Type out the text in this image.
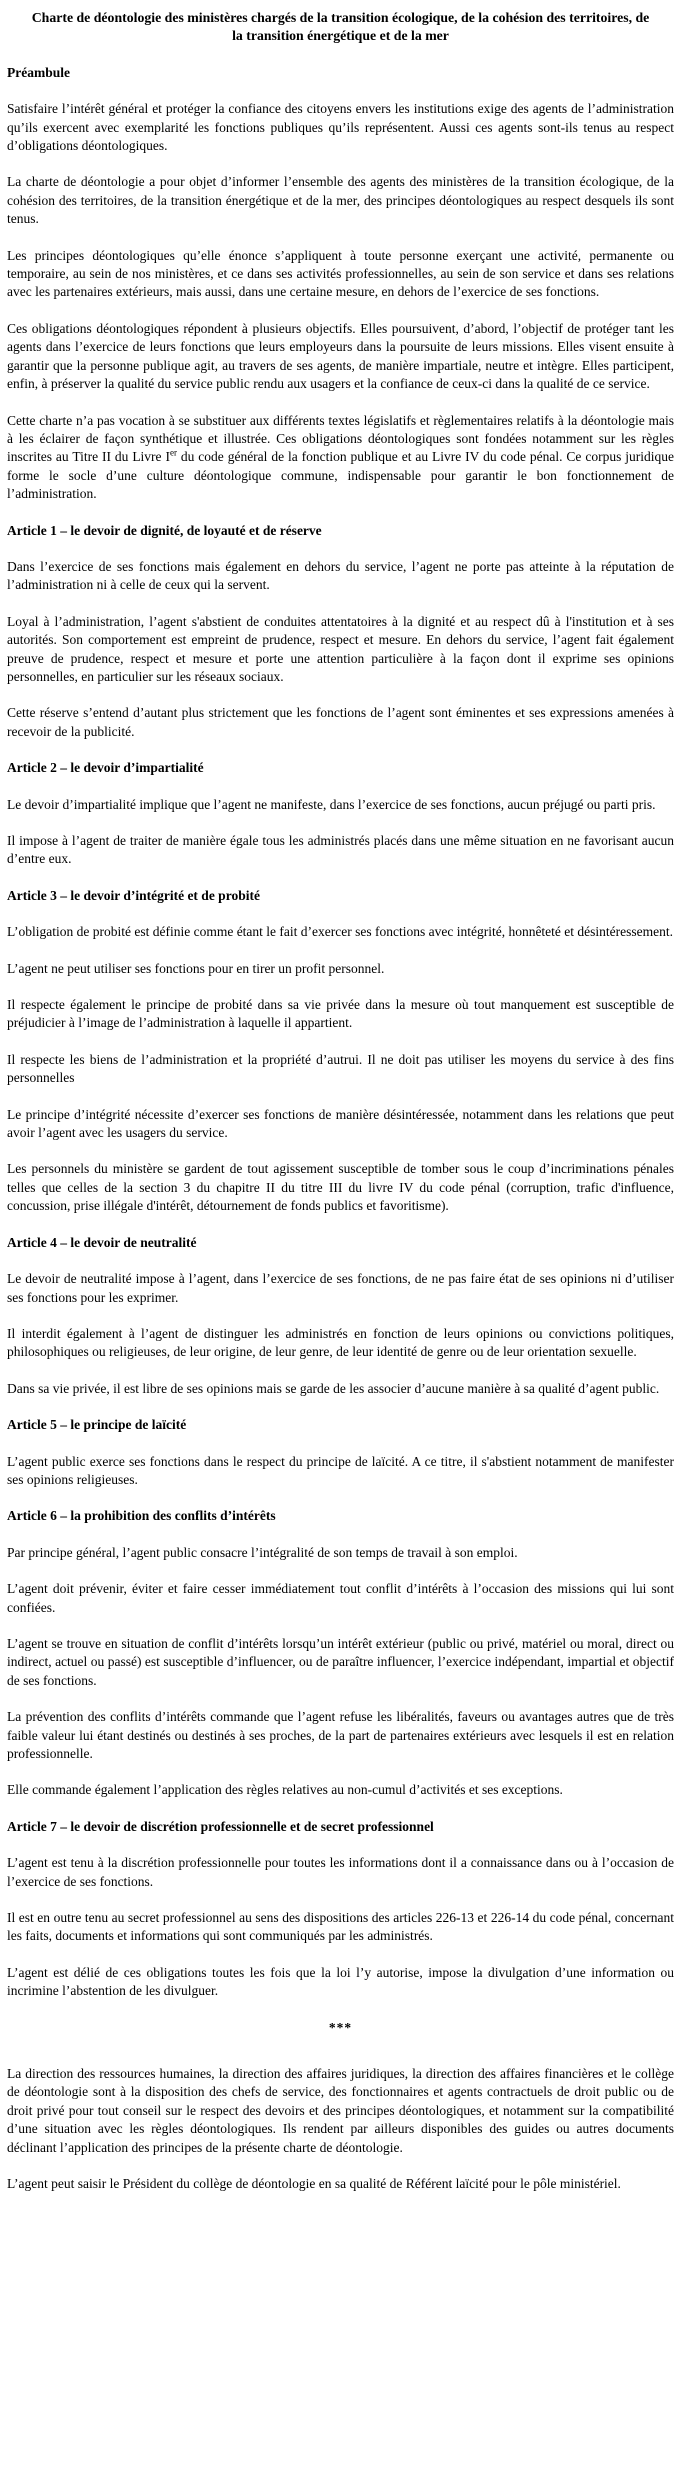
Charte de déontologie des ministères chargés de la transition écologique, de la cohésion des territoires, de la transition énergétique et de la mer
Préambule

Satisfaire l’intérêt général et protéger la confiance des citoyens envers les institutions exige des agents de l’administration qu’ils exercent avec exemplarité les fonctions publiques qu’ils représentent. Aussi ces agents sont-ils tenus au respect d’obligations déontologiques.

La charte de déontologie a pour objet d’informer l’ensemble des agents des ministères de la transition écologique, de la cohésion des territoires, de la transition énergétique et de la mer, des principes déontologiques au respect desquels ils sont tenus.

Les principes déontologiques qu’elle énonce s’appliquent à toute personne exerçant une activité, permanente ou temporaire, au sein de nos ministères, et ce dans ses activités professionnelles, au sein de son service et dans ses relations avec les partenaires extérieurs, mais aussi, dans une certaine mesure, en dehors de l’exercice de ses fonctions.

Ces obligations déontologiques répondent à plusieurs objectifs. Elles poursuivent, d’abord, l’objectif de protéger tant les agents dans l’exercice de leurs fonctions que leurs employeurs dans la poursuite de leurs missions. Elles visent ensuite à garantir que la personne publique agit, au travers de ses agents, de manière impartiale, neutre et intègre. Elles participent, enfin, à préserver la qualité du service public rendu aux usagers et la confiance de ceux-ci dans la qualité de ce service.

Cette charte n’a pas vocation à se substituer aux différents textes législatifs et règlementaires relatifs à la déontologie mais à les éclairer de façon synthétique et illustrée. Ces obligations déontologiques sont fondées notamment sur les règles inscrites au Titre II du Livre Ier du code général de la fonction publique et au Livre IV du code pénal. Ce corpus juridique forme le socle d’une culture déontologique commune, indispensable pour garantir le bon fonctionnement de l’administration.

Article 1 – le devoir de dignité, de loyauté et de réserve

Dans l’exercice de ses fonctions mais également en dehors du service, l’agent ne porte pas atteinte à la réputation de l’administration ni à celle de ceux qui la servent.

Loyal à l’administration, l’agent s'abstient de conduites attentatoires à la dignité et au respect dû à l'institution et à ses autorités. Son comportement est empreint de prudence, respect et mesure. En dehors du service, l’agent fait également preuve de prudence, respect et mesure et porte une attention particulière à la façon dont il exprime ses opinions personnelles, en particulier sur les réseaux sociaux.

Cette réserve s’entend d’autant plus strictement que les fonctions de l’agent sont éminentes et ses expressions amenées à recevoir de la publicité.

Article 2 – le devoir d’impartialité

Le devoir d’impartialité implique que l’agent ne manifeste, dans l’exercice de ses fonctions, aucun préjugé ou parti pris.

Il impose à l’agent de traiter de manière égale tous les administrés placés dans une même situation en ne favorisant aucun d’entre eux.

Article 3 – le devoir d’intégrité et de probité

L’obligation de probité est définie comme étant le fait d’exercer ses fonctions avec intégrité, honnêteté et désintéressement.

L’agent ne peut utiliser ses fonctions pour en tirer un profit personnel.

Il respecte également le principe de probité dans sa vie privée dans la mesure où tout manquement est susceptible de préjudicier à l’image de l’administration à laquelle il appartient.

Il respecte les biens de l’administration et la propriété d’autrui. Il ne doit pas utiliser les moyens du service à des fins personnelles

Le principe d’intégrité nécessite d’exercer ses fonctions de manière désintéressée, notamment dans les relations que peut avoir l’agent avec les usagers du service.

Les personnels du ministère se gardent de tout agissement susceptible de tomber sous le coup d’incriminations pénales telles que celles de la section 3 du chapitre II du titre III du livre IV du code pénal (corruption, trafic d'influence, concussion, prise illégale d'intérêt, détournement de fonds publics et favoritisme).

Article 4 – le devoir de neutralité

Le devoir de neutralité impose à l’agent, dans l’exercice de ses fonctions, de ne pas faire état de ses opinions ni d’utiliser ses fonctions pour les exprimer.

Il interdit également à l’agent de distinguer les administrés en fonction de leurs opinions ou convictions politiques, philosophiques ou religieuses, de leur origine, de leur genre, de leur identité de genre ou de leur orientation sexuelle.

Dans sa vie privée, il est libre de ses opinions mais se garde de les associer d’aucune manière à sa qualité d’agent public.

Article 5 – le principe de laïcité

L’agent public exerce ses fonctions dans le respect du principe de laïcité. A ce titre, il s'abstient notamment de manifester ses opinions religieuses.

Article 6 – la prohibition des conflits d’intérêts

Par principe général, l’agent public consacre l’intégralité de son temps de travail à son emploi.

L’agent doit prévenir, éviter et faire cesser immédiatement tout conflit d’intérêts à l’occasion des missions qui lui sont confiées.

L’agent se trouve en situation de conflit d’intérêts lorsqu’un intérêt extérieur (public ou privé, matériel ou moral, direct ou indirect, actuel ou passé) est susceptible d’influencer, ou de paraître influencer, l’exercice indépendant, impartial et objectif de ses fonctions.

La prévention des conflits d’intérêts commande que l’agent refuse les libéralités, faveurs ou avantages autres que de très faible valeur lui étant destinés ou destinés à ses proches, de la part de partenaires extérieurs avec lesquels il est en relation professionnelle.

Elle commande également l’application des règles relatives au non-cumul d’activités et ses exceptions.

Article 7 – le devoir de discrétion professionnelle et de secret professionnel

L’agent est tenu à la discrétion professionnelle pour toutes les informations dont il a connaissance dans ou à l’occasion de l’exercice de ses fonctions.

Il est en outre tenu au secret professionnel au sens des dispositions des articles 226-13 et 226-14 du code pénal, concernant les faits, documents et informations qui sont communiqués par les administrés.

L’agent est délié de ces obligations toutes les fois que la loi l’y autorise, impose la divulgation d’une information ou incrimine l’abstention de les divulguer.

***

La direction des ressources humaines, la direction des affaires juridiques, la direction des affaires financières et le collège de déontologie sont à la disposition des chefs de service, des fonctionnaires et agents contractuels de droit public ou de droit privé pour tout conseil sur le respect des devoirs et des principes déontologiques, et notamment sur la compatibilité d’une situation avec les règles déontologiques. Ils rendent par ailleurs disponibles des guides ou autres documents déclinant l’application des principes de la présente charte de déontologie.

L’agent peut saisir le Président du collège de déontologie en sa qualité de Référent laïcité pour le pôle ministériel.
